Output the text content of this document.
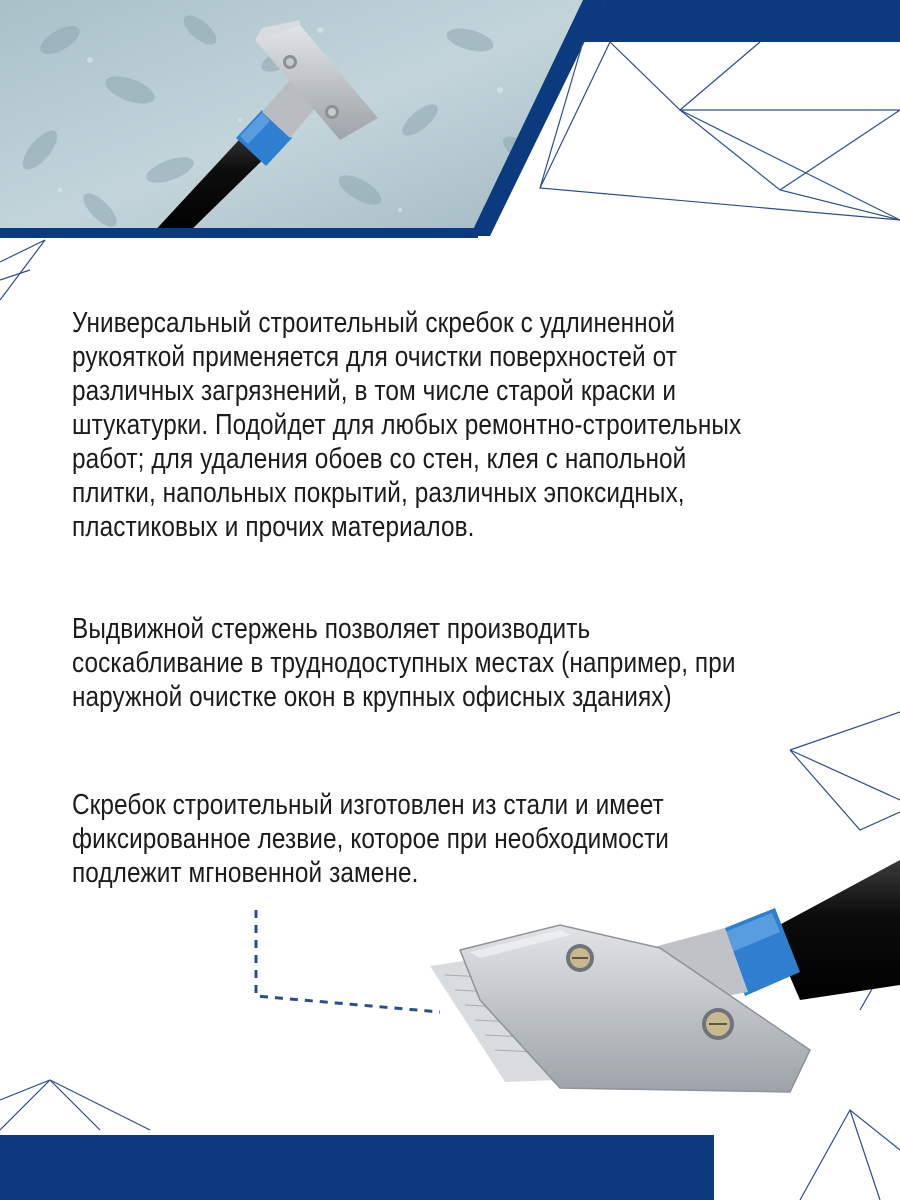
Универсальный строительный скребок с удлиненной
рукояткой применяется для очистки поверхностей от
различных загрязнений, в том числе старой краски и
штукатурки. Подойдет для любых ремонтно-строительных
работ; для удаления обоев со стен, клея с напольной
плитки, напольных покрытий, различных эпоксидных,
пластиковых и прочих материалов.

Выдвижной стержень позволяет производить
соскабливание в труднодоступных местах (например, при
наружной очистке окон в крупных офисных зданиях)

Скребок строительный изготовлен из стали и имеет
фиксированное лезвие, которое при необходимости
подлежит мгновенной замене.
